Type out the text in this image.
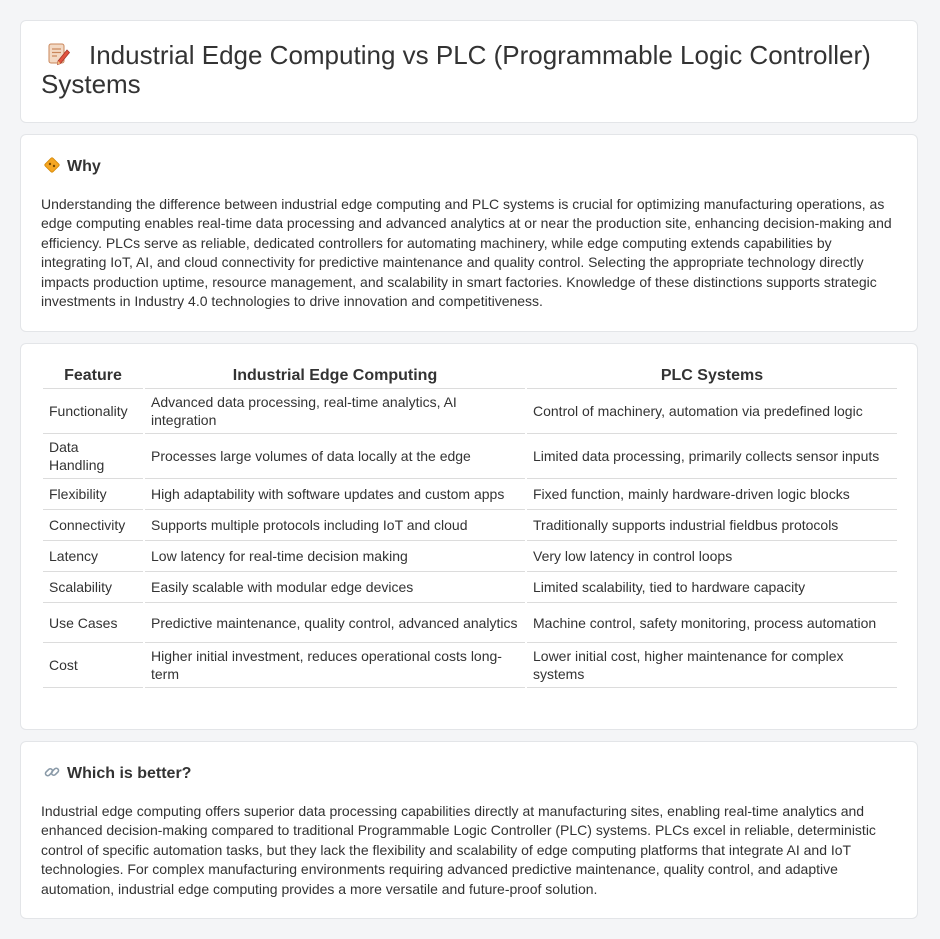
Industrial Edge Computing vs PLC (Programmable Logic Controller) Systems
Why
Understanding the difference between industrial edge computing and PLC systems is crucial for optimizing manufacturing operations, as edge computing enables real-time data processing and advanced analytics at or near the production site, enhancing decision-making and efficiency. PLCs serve as reliable, dedicated controllers for automating machinery, while edge computing extends capabilities by integrating IoT, AI, and cloud connectivity for predictive maintenance and quality control. Selecting the appropriate technology directly impacts production uptime, resource management, and scalability in smart factories. Knowledge of these distinctions supports strategic investments in Industry 4.0 technologies to drive innovation and competitiveness.
Feature	Industrial Edge Computing	PLC Systems
Functionality	Advanced data processing, real-time analytics, AI integration	Control of machinery, automation via predefined logic
Data Handling	Processes large volumes of data locally at the edge	Limited data processing, primarily collects sensor inputs
Flexibility	High adaptability with software updates and custom apps	Fixed function, mainly hardware-driven logic blocks
Connectivity	Supports multiple protocols including IoT and cloud	Traditionally supports industrial fieldbus protocols
Latency	Low latency for real-time decision making	Very low latency in control loops
Scalability	Easily scalable with modular edge devices	Limited scalability, tied to hardware capacity
Use Cases	Predictive maintenance, quality control, advanced analytics	Machine control, safety monitoring, process automation
Cost	Higher initial investment, reduces operational costs long-term	Lower initial cost, higher maintenance for complex systems
Which is better?
Industrial edge computing offers superior data processing capabilities directly at manufacturing sites, enabling real-time analytics and enhanced decision-making compared to traditional Programmable Logic Controller (PLC) systems. PLCs excel in reliable, deterministic control of specific automation tasks, but they lack the flexibility and scalability of edge computing platforms that integrate AI and IoT technologies. For complex manufacturing environments requiring advanced predictive maintenance, quality control, and adaptive automation, industrial edge computing provides a more versatile and future-proof solution.
